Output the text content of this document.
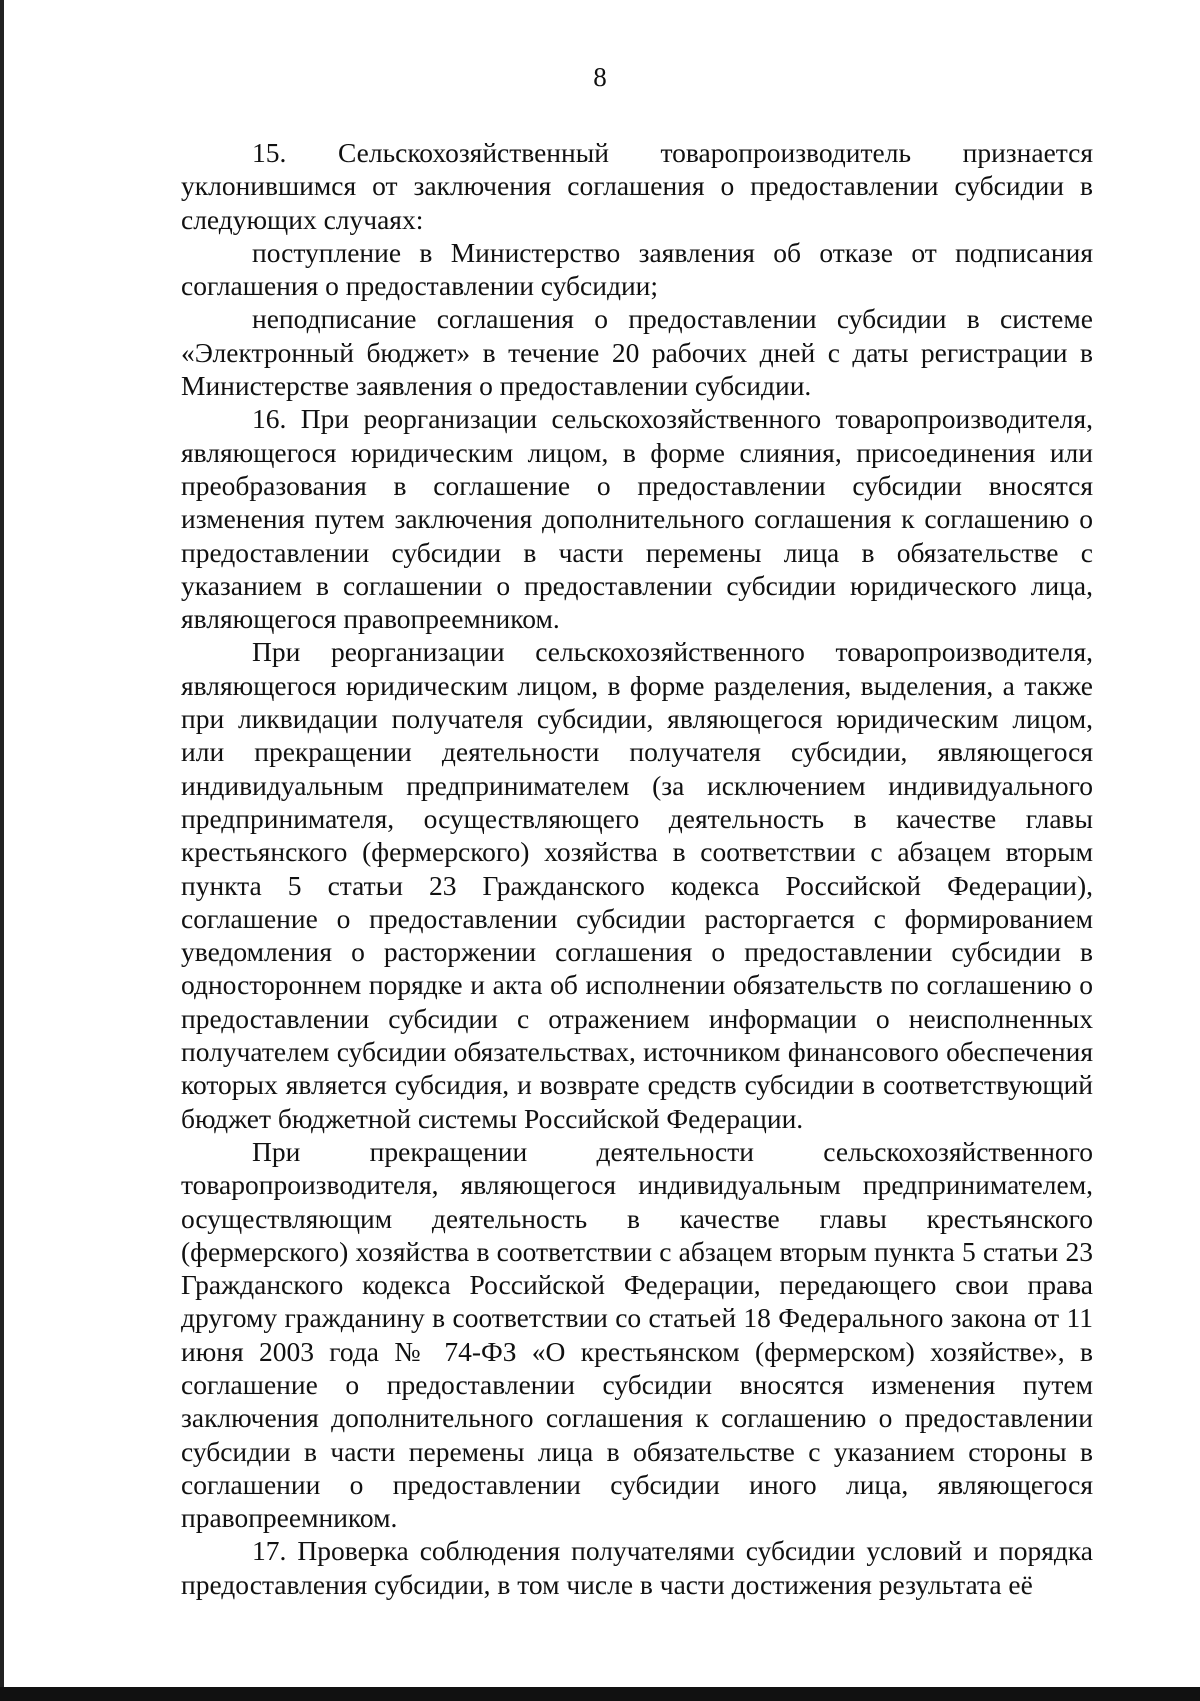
8

15. Сельскохозяйственный товаропроизводитель признается уклонившимся от заключения соглашения о предоставлении субсидии в следующих случаях:

поступление в Министерство заявления об отказе от подписания соглашения о предоставлении субсидии;

неподписание соглашения о предоставлении субсидии в системе «Электронный бюджет» в течение 20 рабочих дней с даты регистрации в Министерстве заявления о предоставлении субсидии.

16. При реорганизации сельскохозяйственного товаропроизводителя, являющегося юридическим лицом, в форме слияния, присоединения или преобразования в соглашение о предоставлении субсидии вносятся изменения путем заключения дополнительного соглашения к соглашению о предоставлении субсидии в части перемены лица в обязательстве с указанием в соглашении о предоставлении субсидии юридического лица, являющегося правопреемником.

При реорганизации сельскохозяйственного товаропроизводителя, являющегося юридическим лицом, в форме разделения, выделения, а также при ликвидации получателя субсидии, являющегося юридическим лицом, или прекращении деятельности получателя субсидии, являющегося индивидуальным предпринимателем (за исключением индивидуального предпринимателя, осуществляющего деятельность в качестве главы крестьянского (фермерского) хозяйства в соответствии с абзацем вторым пункта 5 статьи 23 Гражданского кодекса Российской Федерации), соглашение о предоставлении субсидии расторгается с формированием уведомления о расторжении соглашения о предоставлении субсидии в одностороннем порядке и акта об исполнении обязательств по соглашению о предоставлении субсидии с отражением информации о неисполненных получателем субсидии обязательствах, источником финансового обеспечения которых является субсидия, и возврате средств субсидии в соответствующий бюджет бюджетной системы Российской Федерации.

При прекращении деятельности сельскохозяйственного товаропроизводителя, являющегося индивидуальным предпринимателем, осуществляющим деятельность в качестве главы крестьянского (фермерского) хозяйства в соответствии с абзацем вторым пункта 5 статьи 23 Гражданского кодекса Российской Федерации, передающего свои права другому гражданину в соответствии со статьей 18 Федерального закона от 11 июня 2003 года № 74-ФЗ «О крестьянском (фермерском) хозяйстве», в соглашение о предоставлении субсидии вносятся изменения путем заключения дополнительного соглашения к соглашению о предоставлении субсидии в части перемены лица в обязательстве с указанием стороны в соглашении о предоставлении субсидии иного лица, являющегося правопреемником.

17. Проверка соблюдения получателями субсидии условий и порядка предоставления субсидии, в том числе в части достижения результата её
